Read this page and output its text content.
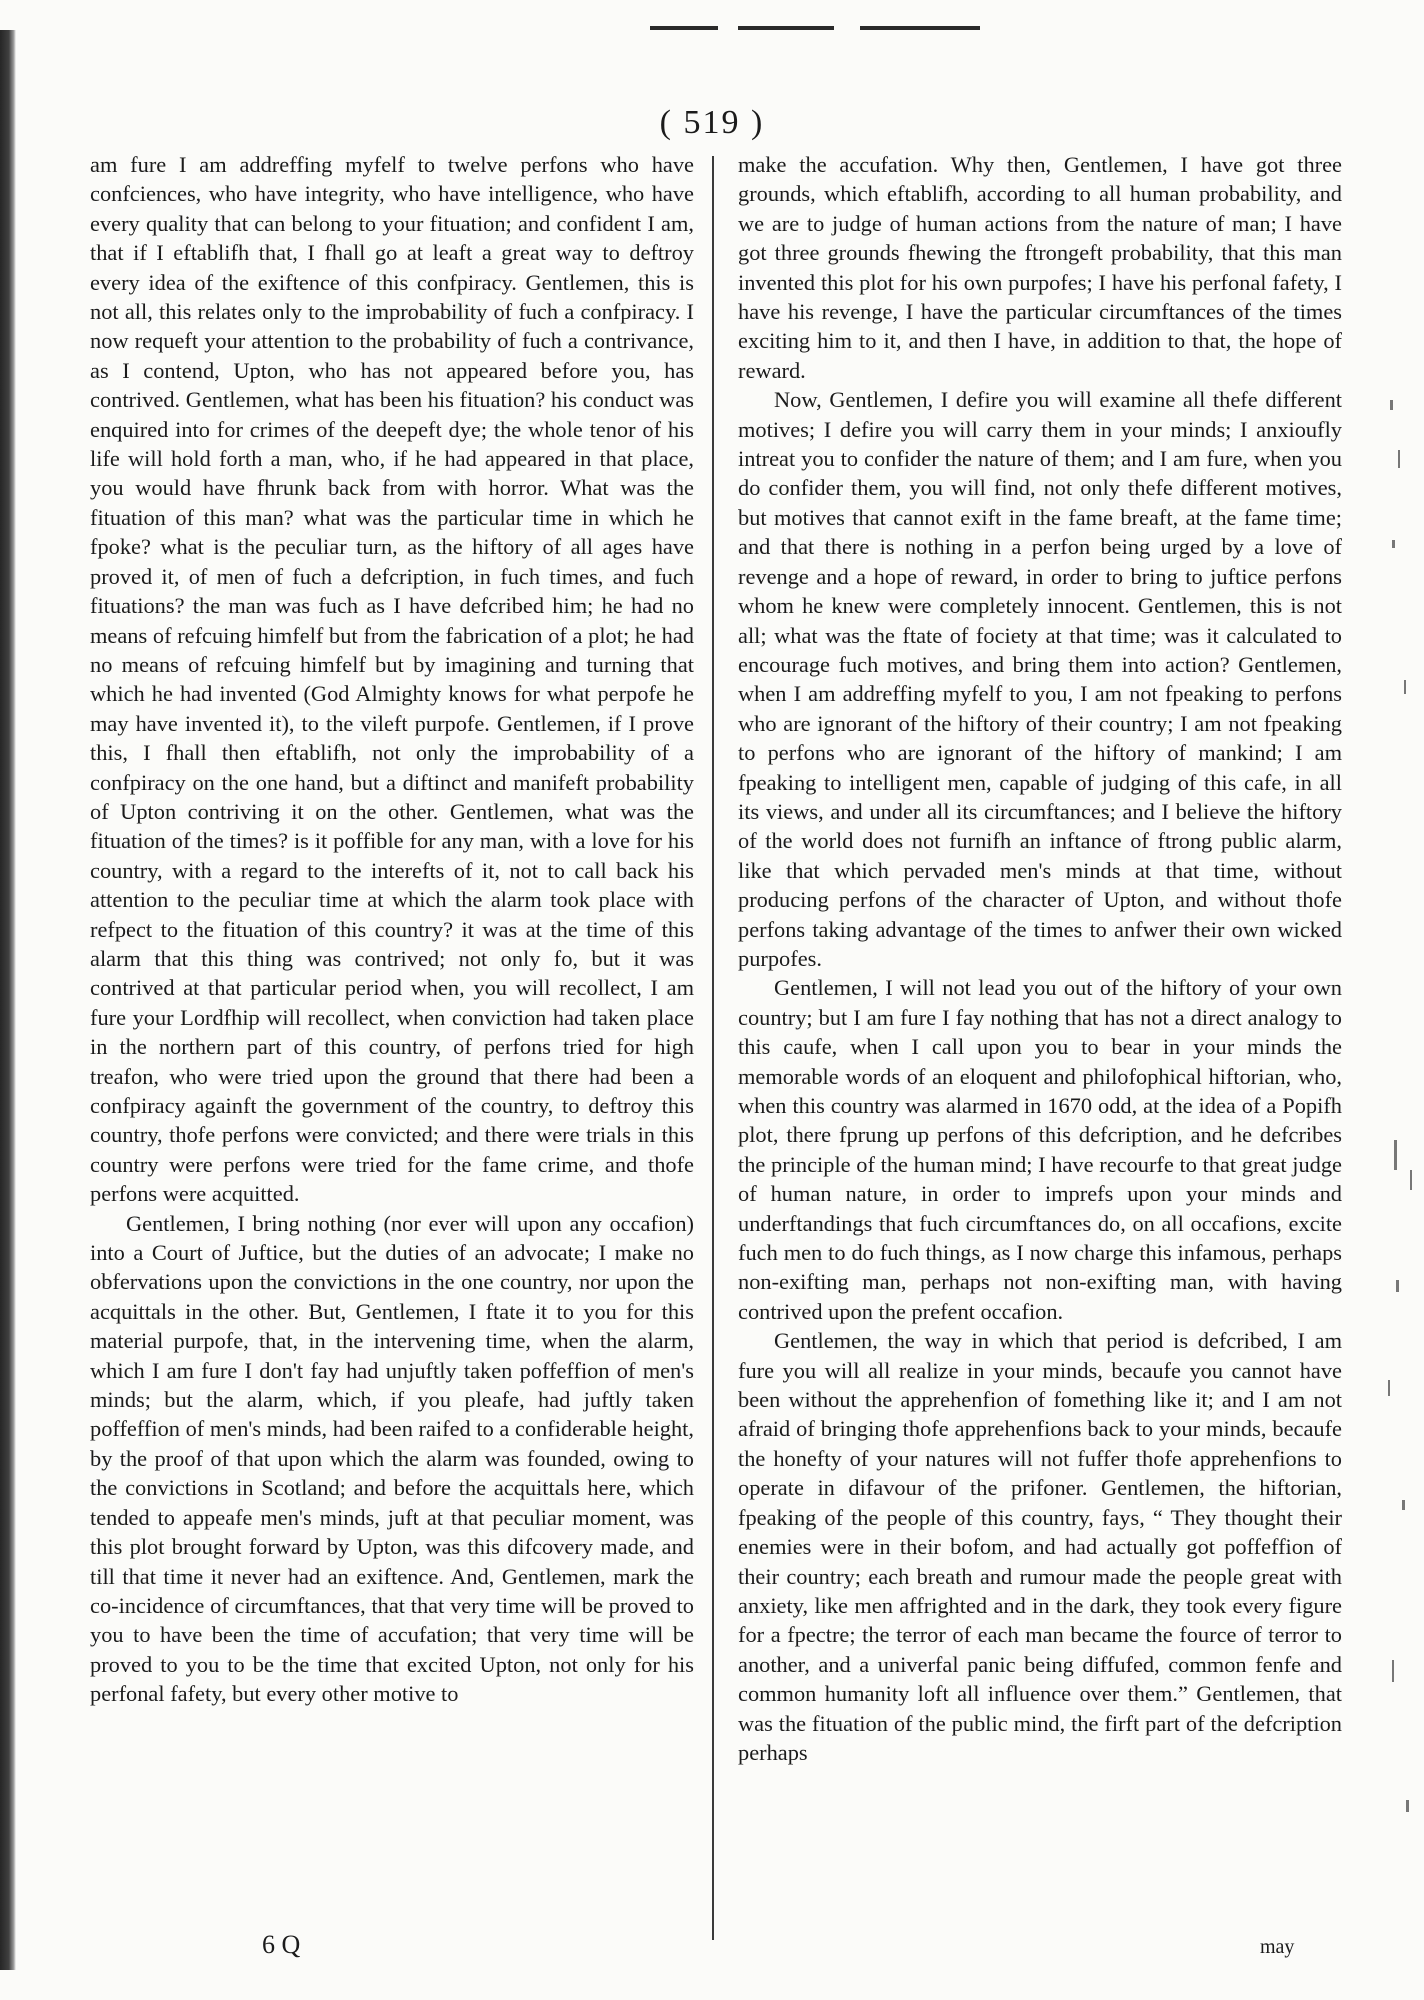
( 519 )

am fure I am addreffing myfelf to twelve perfons who have confciences, who have integrity, who have intelligence, who have every quality that can belong to your fituation; and confident I am, that if I eftablifh that, I fhall go at leaft a great way to deftroy every idea of the exiftence of this confpiracy. Gentlemen, this is not all, this relates only to the improbability of fuch a confpiracy. I now requeft your attention to the probability of fuch a contrivance, as I contend, Upton, who has not appeared before you, has contrived. Gentlemen, what has been his fituation? his conduct was enquired into for crimes of the deepeft dye; the whole tenor of his life will hold forth a man, who, if he had appeared in that place, you would have fhrunk back from with horror. What was the fituation of this man? what was the particular time in which he fpoke? what is the peculiar turn, as the hiftory of all ages have proved it, of men of fuch a defcription, in fuch times, and fuch fituations? the man was fuch as I have defcribed him; he had no means of refcuing himfelf but from the fabrication of a plot; he had no means of refcuing himfelf but by imagining and turning that which he had invented (God Almighty knows for what perpofe he may have invented it), to the vileft purpofe. Gentlemen, if I prove this, I fhall then eftablifh, not only the improbability of a confpiracy on the one hand, but a diftinct and manifeft probability of Upton contriving it on the other. Gentlemen, what was the fituation of the times? is it poffible for any man, with a love for his country, with a regard to the interefts of it, not to call back his attention to the peculiar time at which the alarm took place with refpect to the fituation of this country? it was at the time of this alarm that this thing was contrived; not only fo, but it was contrived at that particular period when, you will recollect, I am fure your Lordfhip will recollect, when conviction had taken place in the northern part of this country, of perfons tried for high treafon, who were tried upon the ground that there had been a confpiracy againft the government of the country, to deftroy this country, thofe perfons were convicted; and there were trials in this country were perfons were tried for the fame crime, and thofe perfons were acquitted.

Gentlemen, I bring nothing (nor ever will upon any occafion) into a Court of Juftice, but the duties of an advocate; I make no obfervations upon the convictions in the one country, nor upon the acquittals in the other. But, Gentlemen, I ftate it to you for this material purpofe, that, in the intervening time, when the alarm, which I am fure I don't fay had unjuftly taken poffeffion of men's minds; but the alarm, which, if you pleafe, had juftly taken poffeffion of men's minds, had been raifed to a confiderable height, by the proof of that upon which the alarm was founded, owing to the convictions in Scotland; and before the acquittals here, which tended to appeafe men's minds, juft at that peculiar moment, was this plot brought forward by Upton, was this difcovery made, and till that time it never had an exiftence. And, Gentlemen, mark the co-incidence of circumftances, that that very time will be proved to you to have been the time of accufation; that very time will be proved to you to be the time that excited Upton, not only for his perfonal fafety, but every other motive to

make the accufation. Why then, Gentlemen, I have got three grounds, which eftablifh, according to all human probability, and we are to judge of human actions from the nature of man; I have got three grounds fhewing the ftrongeft probability, that this man invented this plot for his own purpofes; I have his perfonal fafety, I have his revenge, I have the particular circumftances of the times exciting him to it, and then I have, in addition to that, the hope of reward.

Now, Gentlemen, I defire you will examine all thefe different motives; I defire you will carry them in your minds; I anxioufly intreat you to confider the nature of them; and I am fure, when you do confider them, you will find, not only thefe different motives, but motives that cannot exift in the fame breaft, at the fame time; and that there is nothing in a perfon being urged by a love of revenge and a hope of reward, in order to bring to juftice perfons whom he knew were completely innocent. Gentlemen, this is not all; what was the ftate of fociety at that time; was it calculated to encourage fuch motives, and bring them into action? Gentlemen, when I am addreffing myfelf to you, I am not fpeaking to perfons who are ignorant of the hiftory of their country; I am not fpeaking to perfons who are ignorant of the hiftory of mankind; I am fpeaking to intelligent men, capable of judging of this cafe, in all its views, and under all its circumftances; and I believe the hiftory of the world does not furnifh an inftance of ftrong public alarm, like that which pervaded men's minds at that time, without producing perfons of the character of Upton, and without thofe perfons taking advantage of the times to anfwer their own wicked purpofes.

Gentlemen, I will not lead you out of the hiftory of your own country; but I am fure I fay nothing that has not a direct analogy to this caufe, when I call upon you to bear in your minds the memorable words of an eloquent and philofophical hiftorian, who, when this country was alarmed in 1670 odd, at the idea of a Popifh plot, there fprung up perfons of this defcription, and he defcribes the principle of the human mind; I have recourfe to that great judge of human nature, in order to imprefs upon your minds and underftandings that fuch circumftances do, on all occafions, excite fuch men to do fuch things, as I now charge this infamous, perhaps non-exifting man, perhaps not non-exifting man, with having contrived upon the prefent occafion.

Gentlemen, the way in which that period is defcribed, I am fure you will all realize in your minds, becaufe you cannot have been without the apprehenfion of fomething like it; and I am not afraid of bringing thofe apprehenfions back to your minds, becaufe the honefty of your natures will not fuffer thofe apprehenfions to operate in difavour of the prifoner. Gentlemen, the hiftorian, fpeaking of the people of this country, fays, “ They thought their enemies were in their bofom, and had actually got poffeffion of their country; each breath and rumour made the people great with anxiety, like men affrighted and in the dark, they took every figure for a fpectre; the terror of each man became the fource of terror to another, and a univerfal panic being diffufed, common fenfe and common humanity loft all influence over them.” Gentlemen, that was the fituation of the public mind, the firft part of the defcription perhaps

6 Q	may
